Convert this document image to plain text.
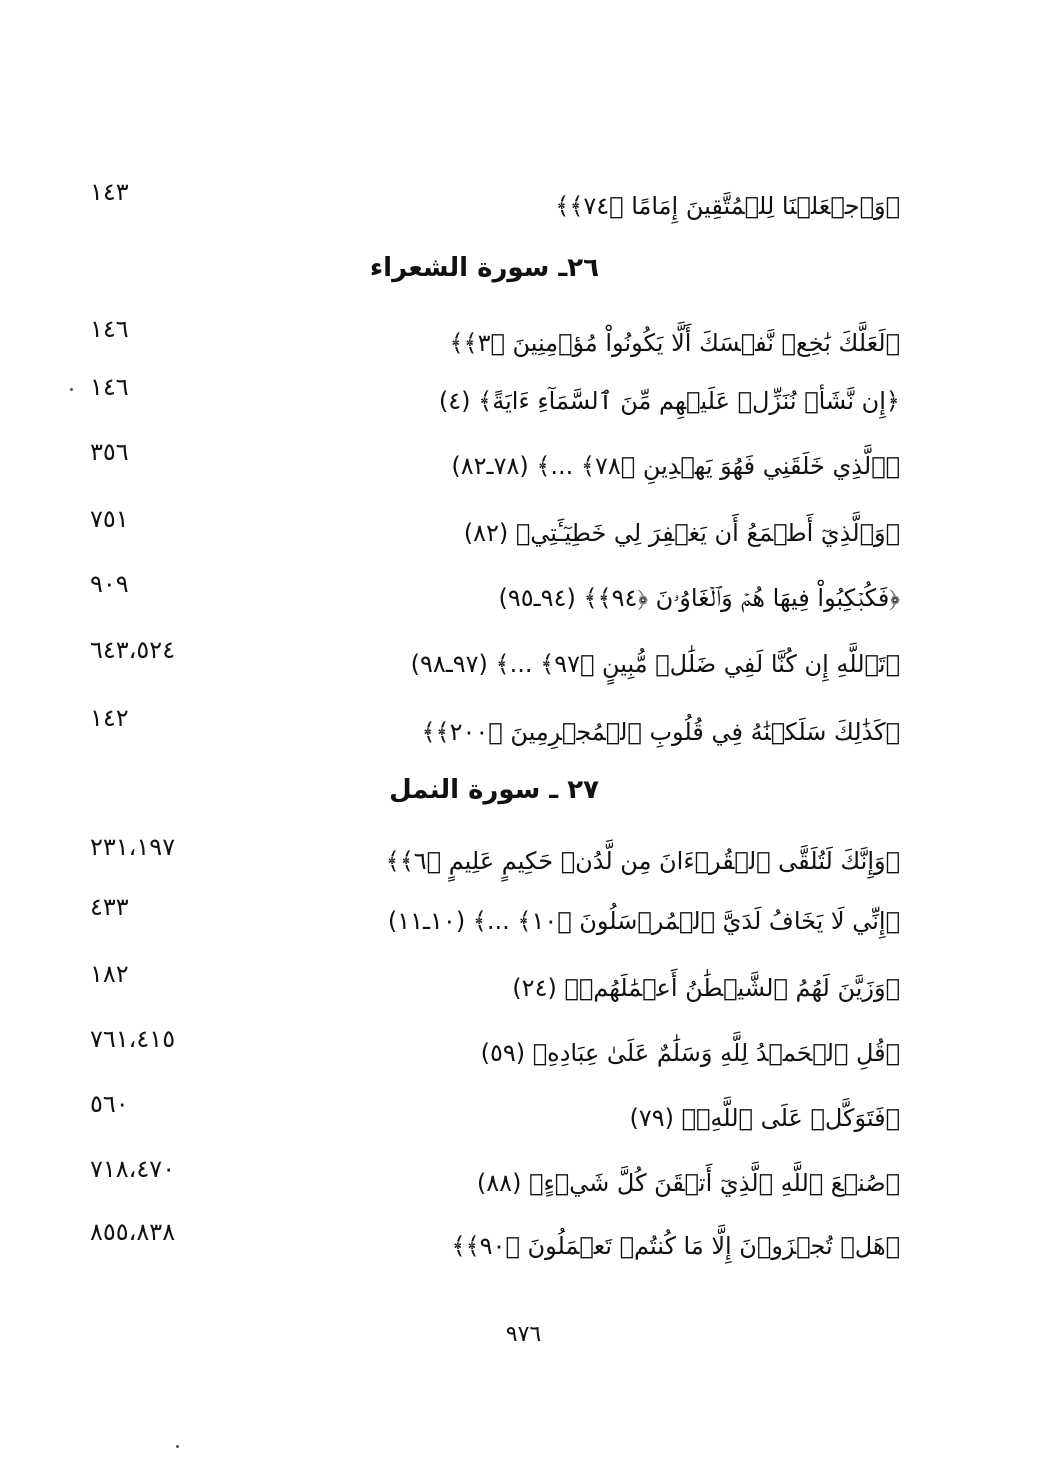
﴿وَٱجۡعَلۡنَا لِلۡمُتَّقِينَ إِمَامًا ﴿٧٤﴾﴾
١٤٣
٢٦ـ سورة الشعراء
﴿لَعَلَّكَ بَٰخِعٞ نَّفۡسَكَ أَلَّا يَكُونُواْ مُؤۡمِنِينَ ﴿٣﴾﴾
١٤٦
﴿إِن نَّشَأۡ نُنَزِّلۡ عَلَيۡهِم مِّنَ ٱلسَّمَآءِ ءَايَةً﴾ (٤)
١٤٦
﴿ٱلَّذِي خَلَقَنِي فَهُوَ يَهۡدِينِ ﴿٧٨﴾ ...﴾ (٧٨ـ٨٢)
٣٥٦
﴿وَٱلَّذِيٓ أَطۡمَعُ أَن يَغۡفِرَ لِي خَطِيٓـَٔتِي﴾ (٨٢)
٧٥١
﴿فَكُبۡكِبُواْ فِيهَا هُمۡ وَٱلۡغَاوُۥنَ ﴿٩٤﴾﴾ (٩٤ـ٩٥)
٩٠٩
﴿تَٱللَّهِ إِن كُنَّا لَفِي ضَلَٰلٖ مُّبِينٍ ﴿٩٧﴾ ...﴾ (٩٧ـ٩٨)
٦٤٣،٥٢٤
﴿كَذَٰلِكَ سَلَكۡنَٰهُ فِي قُلُوبِ ٱلۡمُجۡرِمِينَ ﴿٢٠٠﴾﴾
١٤٢
٢٧ ـ سورة النمل
﴿وَإِنَّكَ لَتُلَقَّى ٱلۡقُرۡءَانَ مِن لَّدُنۡ حَكِيمٍ عَلِيمٍ ﴿٦﴾﴾
٢٣١،١٩٧
﴿إِنِّي لَا يَخَافُ لَدَيَّ ٱلۡمُرۡسَلُونَ ﴿١٠﴾ ...﴾ (١٠ـ١١)
٤٣٣
﴿وَزَيَّنَ لَهُمُ ٱلشَّيۡطَٰنُ أَعۡمَٰلَهُمۡ﴾ (٢٤)
١٨٢
﴿قُلِ ٱلۡحَمۡدُ لِلَّهِ وَسَلَٰمٌ عَلَىٰ عِبَادِهِ﴾ (٥٩)
٧٦١،٤١٥
﴿فَتَوَكَّلۡ عَلَى ٱللَّهِۖ﴾ (٧٩)
٥٦٠
﴿صُنۡعَ ٱللَّهِ ٱلَّذِيٓ أَتۡقَنَ كُلَّ شَيۡءٍ﴾ (٨٨)
٧١٨،٤٧٠
﴿هَلۡ تُجۡزَوۡنَ إِلَّا مَا كُنتُمۡ تَعۡمَلُونَ ﴿٩٠﴾﴾
٨٥٥،٨٣٨
٩٧٦
